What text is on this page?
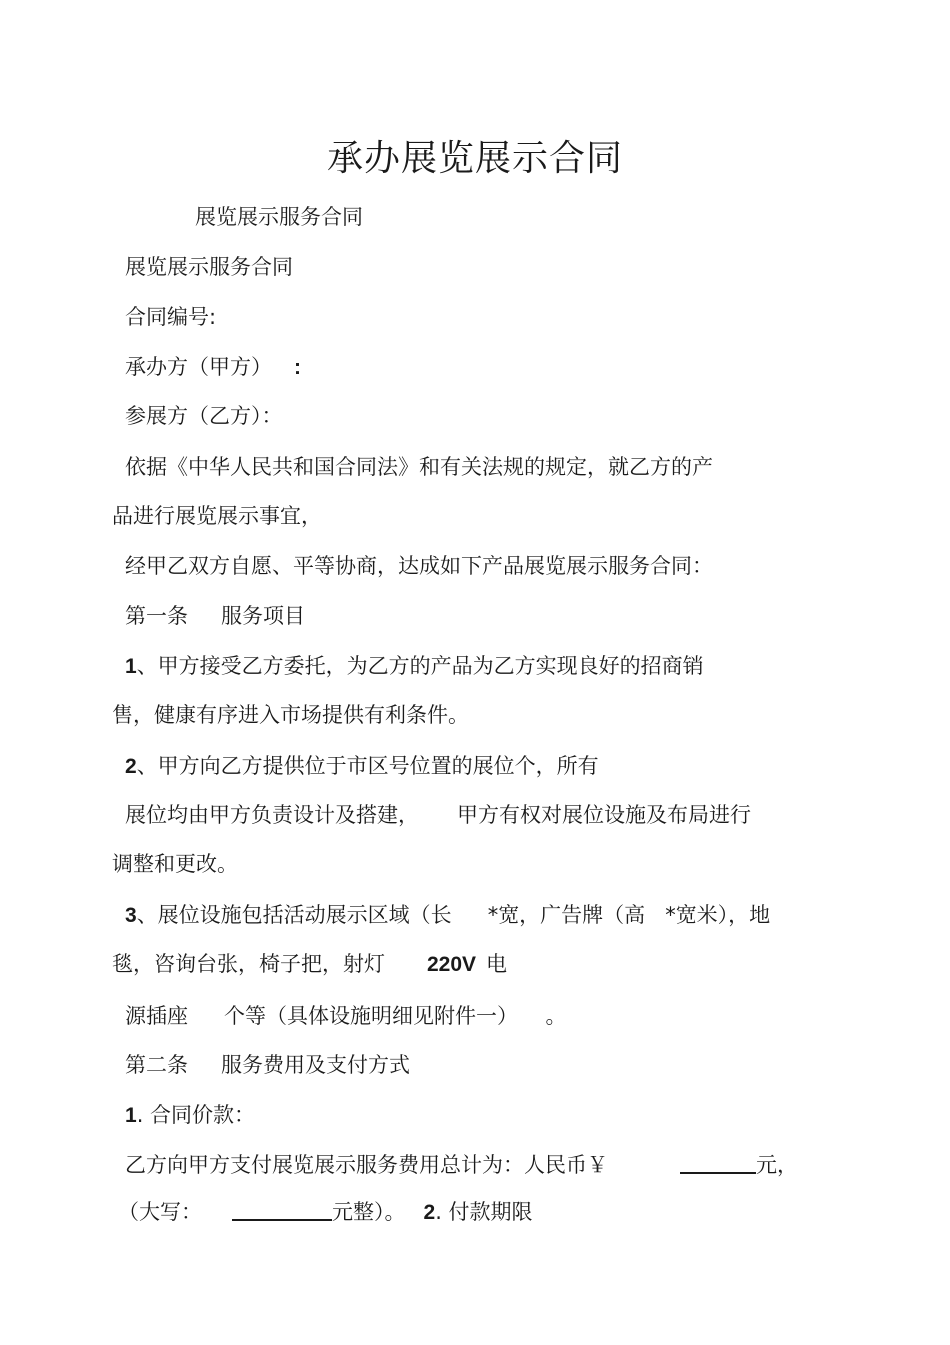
承办展览展示合同
展览展示服务合同
展览展示服务合同
合同编号:
承办方（甲方） :
参展方（乙方）：
依据《中华人民共和国合同法》和有关法规的规定，就乙方的产
品进行展览展示事宜，
经甲乙双方自愿、平等协商，达成如下产品展览展示服务合同：
第一条 服务项目
1、甲方接受乙方委托，为乙方的产品为乙方实现良好的招商销
售，健康有序进入市场提供有利条件。
2、甲方向乙方提供位于市区号位置的展位个，所有
展位均由甲方负责设计及搭建， 甲方有权对展位设施及布局进行
调整和更改。
3、展位设施包括活动展示区域（长 *宽，广告牌（高 *宽米），地
毯，咨询台张，椅子把，射灯 220V 电
源插座 个等（具体设施明细见附件一） 。
第二条 服务费用及支付方式
1. 合同价款：
乙方向甲方支付展览展示服务费用总计为：人民币￥	元，
（大写：	元整）。 2. 付款期限
